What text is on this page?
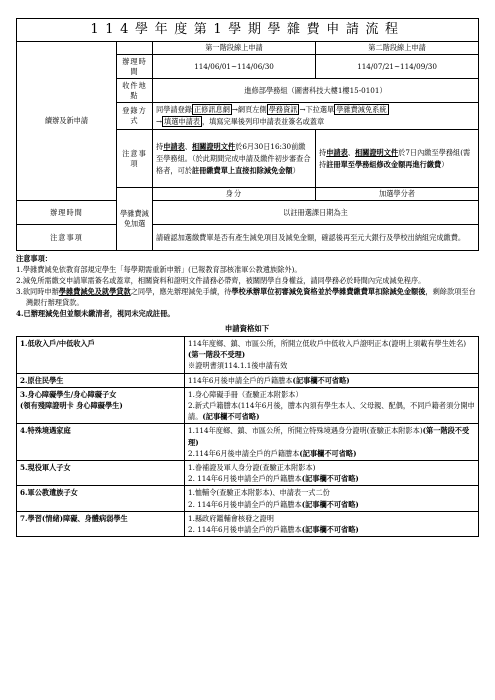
114學年度第1學期學雜費申請流程			
續辦及新申請		第一階段線上申請	第二階段線上申請
	辦理時間	114/06/01~114/06/30	114/07/21~114/09/30
	收件地點	進修部學務組（圖書科技大樓1樓15-0101）	
	登錄方式	同學請登錄 正修訊息網 →網頁左側 學務資訊 →下拉選單 學雜費減免系統
→ 填選申請表 ，填寫完畢後列印申請表並簽名或蓋章	
	注意事項	持申請表、相關證明文件於6月30日16:30前繳至學務組。（於此期間完成申請及繳件初步審查合格者，可於註冊繳費單上直接扣除減免金額）	持申請表、相關證明文件於7日內繳至學務組(需持註冊單至學務組修改金額再進行繳費）
	學雜費減免加選	身分	加選學分者
辦理時間		以註冊選課日期為主	
注意事項		請確認加選繳費單是否有產生減免項目及減免金額，確認後再至元大銀行及學校出納組完成繳費。	
注意事項：
1.學雜費減免依教育部規定學生「每學期需重新申辦」(已報教育部核准軍公教遺族除外)。
2.減免所需繳交申請單需簽名或蓋章，相關資料和證明文件請務必帶齊，被關閉學自身權益，請同學務必於時間內完成減免程序。
3.欲同時申辦學雜費減免及就學貸款之同學，應先辦理減免手續，待學校承辦單位初審減免資格並於學雜費繳費單扣除減免金額後，剩餘款項至台灣銀行辦理貸款。
4.已辦理減免但並額未繳清者，視同未完成註冊。
申請資格如下
1.低收入戶/中低收入戶	114年度鄉、鎮、市區公所，所開立低收戶中低收入戶證明正本(證明上須載有學生姓名)(第一階段不受理)
※證明書須114.1.1後申請有效
2.原住民學生	114年6月後申請全戶的戶籍謄本(記事欄不可省略)
3.身心障礙學生/身心障礙子女
(領有殘障證明卡 身心障礙學生)	1.身心障礙手冊（查驗正本附影本）
2.新式戶籍謄本(114年6月後，謄本內須有學生本人、父母親、配偶，不同戶籍者須分開申請。(記事欄不可省略)
4.特殊境遇家庭	1.114年度鄉、鎮、市區公所，所開立特殊境遇身分證明(查驗正本附影本)(第一階段不受理)
2.114年6月後申請全戶的戶籍謄本(記事欄不可省略)
5.現役軍人子女	1.眷補證及軍人身分證(查驗正本附影本)
2. 114年6月後申請全戶的戶籍謄本(記事欄不可省略)
6.軍公教遺族子女	1.恤輔令(查驗正本附影本)、申請表一式二份
2. 114年6月後申請全戶的戶籍謄本(記事欄不可省略)
7.學習(情緒)障礙、身體病弱學生	1.縣政府鑑輔會核發之證明
2. 114年6月後申請全戶的戶籍謄本(記事欄不可省略)
